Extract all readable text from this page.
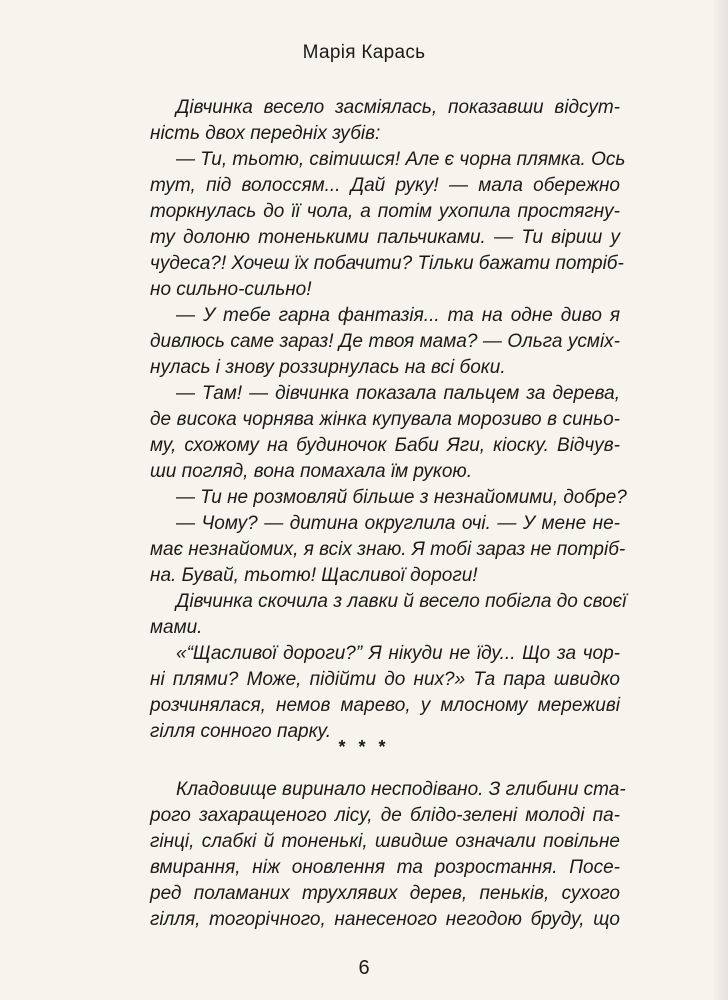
Марія Карась
Дівчинка весело засміялась, показавши відсут-
ність двох передніх зубів:
— Ти, тьотю, світишся! Але є чорна плямка. Ось
тут, під волоссям... Дай руку! — мала обережно
торкнулась до її чола, а потім ухопила простягну-
ту долоню тоненькими пальчиками. — Ти віриш у
чудеса?! Хочеш їх побачити? Тільки бажати потріб-
но сильно-сильно!
— У тебе гарна фантазія... та на одне диво я
дивлюсь саме зараз! Де твоя мама? — Ольга усміх-
нулась і знову роззирнулась на всі боки.
— Там! — дівчинка показала пальцем за дерева,
де висока чорнява жінка купувала морозиво в синьо-
му, схожому на будиночок Баби Яги, кіоску. Відчув-
ши погляд, вона помахала їм рукою.
— Ти не розмовляй більше з незнайомими, добре?
— Чому? — дитина округлила очі. — У мене не-
має незнайомих, я всіх знаю. Я тобі зараз не потріб-
на. Бувай, тьотю! Щасливої дороги!
Дівчинка скочила з лавки й весело побігла до своєї
мами.
«“Щасливої дороги?” Я нікуди не їду... Що за чор-
ні плями? Може, підійти до них?» Та пара швидко
розчинялася, немов марево, у млосному мереживі
гілля сонного парку.
* * *
Кладовище виринало несподівано. З глибини ста-
рого захаращеного лісу, де блідо-зелені молоді па-
гінці, слабкі й тоненькі, швидше означали повільне
вмирання, ніж оновлення та розростання. Посе-
ред поламаних трухлявих дерев, пеньків, сухого
гілля, тогорічного, нанесеного негодою бруду, що
6
